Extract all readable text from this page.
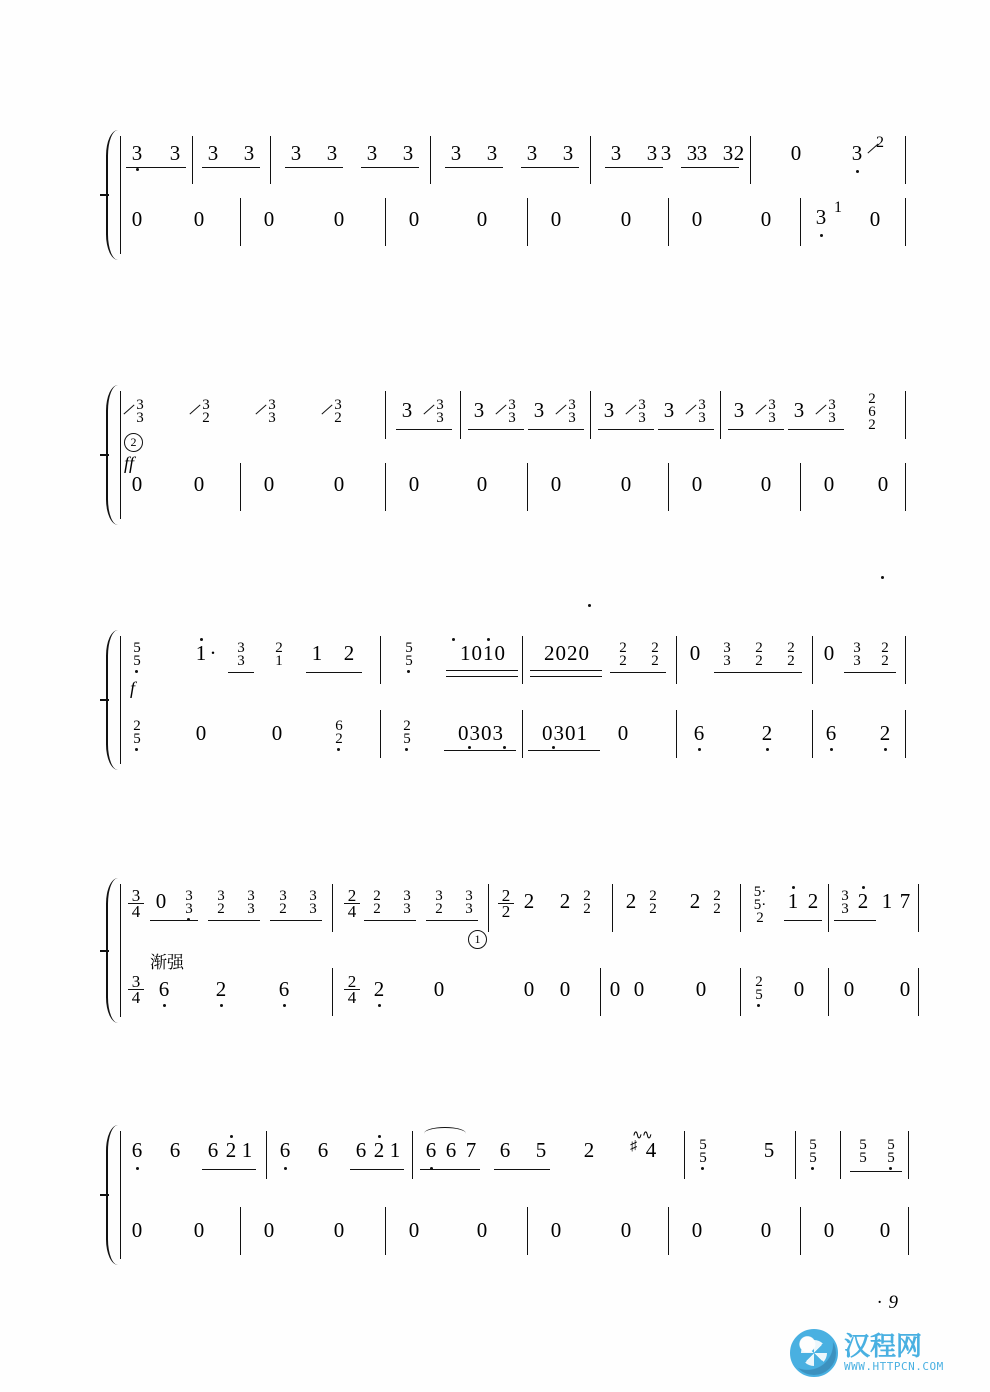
3 3 3 3 3 3 3 3 3 3 3 3 3 3 3 3
3 3 2 0 3 2
0 0	0	0	0	0	0	0	0	0 3 1 0
3
3
3
2
3
3
3
2	3	3
3 3	3
3 3	3
3 3	3
3 3	3
3 3	3
3 3	3
3
2
6
2
2
ff
0 0	0	0	0	0	0	0	0	0	0 0
5
5
f
1 ·	3
3
2
1 1 2	5
5	1010	2020	2
2
2
2 0	3
3
2
2
2
2 0	3
3
2
2
2
5	0	0	6
2
2
5	0303	0301	0	6	2	6 2
3
4 0	3
3
3
2
3
3
3
2
3
3
2
4
2
2
3
3
3
2
3
3
2
2 2
1
2 2
2 2 2
2 2 2
2
5·
5·
2
1 2	3
3 2 1 7
渐强
3
4 6 2	6	2
4 2 0	0 0 0 0 0	2
5 0 0 0
6 6 6 2 1 6 6 6 2 1 6 6 7 6 5 2
∿∿
♯ 4	5
5	5	5
5
5
5
5
5
0 0	0	0	0	0	0	0	0	0	0 0
· 9
汉程网
WWW.HTTPCN.COM
